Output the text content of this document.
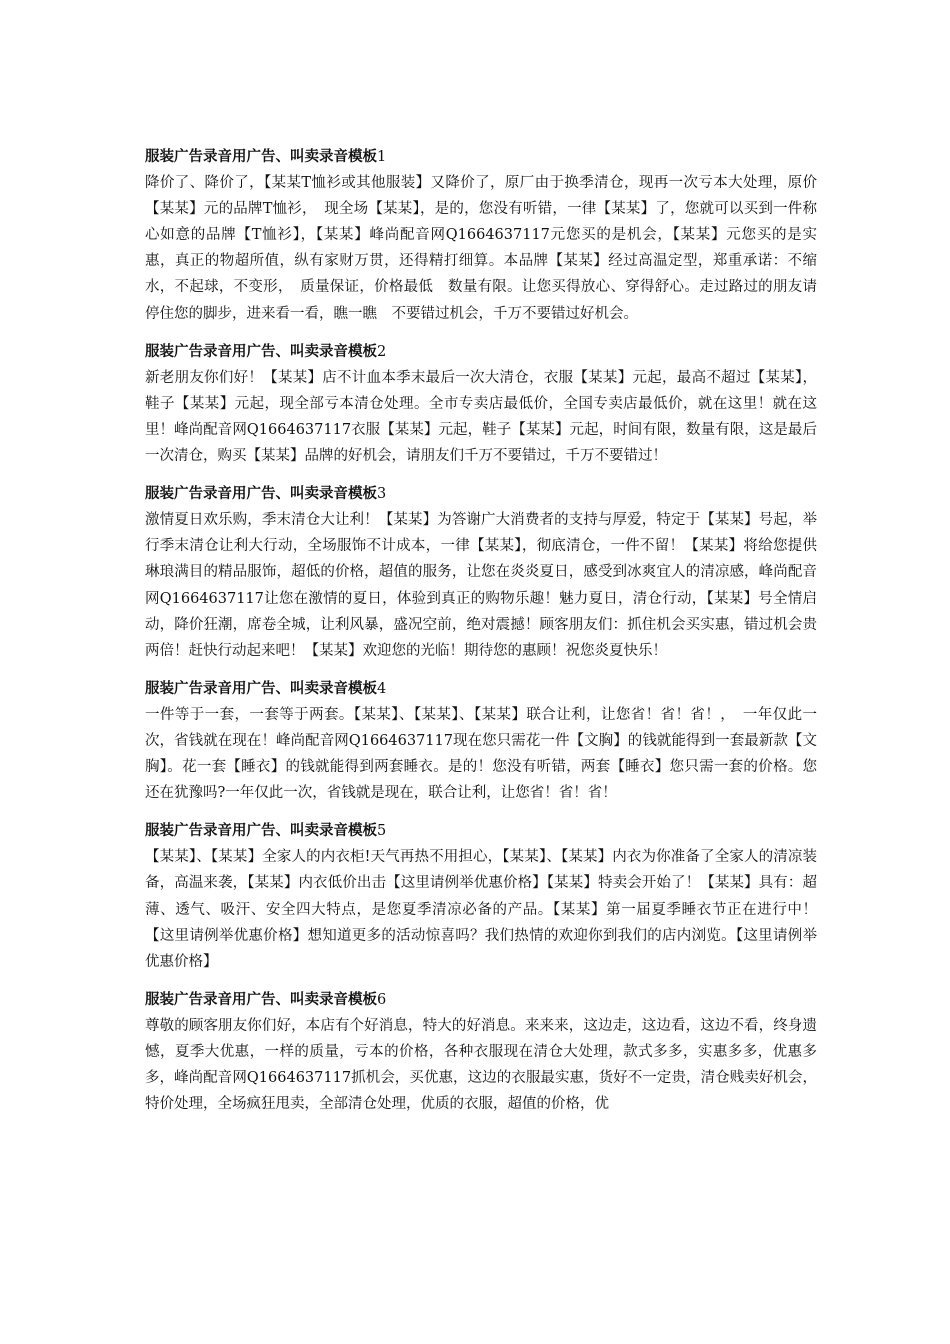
服装广告录音用广告、叫卖录音模板1

降价了、降价了，【某某T恤衫或其他服装】又降价了，原厂由于换季清仓，现再一次亏本大处理，原价【某某】元的品牌T恤衫，　现全场【某某】，是的，您没有听错，一律【某某】了，您就可以买到一件称心如意的品牌【T恤衫】，【某某】峰尚配音网Q1664637117元您买的是机会，【某某】元您买的是实惠，真正的物超所值，纵有家财万贯，还得精打细算。本品牌【某某】经过高温定型，郑重承诺：不缩水，不起球，不变形，　质量保证，价格最低　数量有限。让您买得放心、穿得舒心。走过路过的朋友请停住您的脚步，进来看一看，瞧一瞧　不要错过机会，千万不要错过好机会。

服装广告录音用广告、叫卖录音模板2

新老朋友你们好！【某某】店不计血本季末最后一次大清仓，衣服【某某】元起，最高不超过【某某】，鞋子【某某】元起，现全部亏本清仓处理。全市专卖店最低价，全国专卖店最低价，就在这里！就在这里！峰尚配音网Q1664637117衣服【某某】元起，鞋子【某某】元起，时间有限，数量有限，这是最后一次清仓，购买【某某】品牌的好机会，请朋友们千万不要错过，千万不要错过！

服装广告录音用广告、叫卖录音模板3

激情夏日欢乐购，季末清仓大让利！【某某】为答谢广大消费者的支持与厚爱，特定于【某某】号起，举行季末清仓让利大行动，全场服饰不计成本，一律【某某】，彻底清仓，一件不留！【某某】将给您提供琳琅满目的精品服饰，超低的价格，超值的服务，让您在炎炎夏日，感受到冰爽宜人的清凉感，峰尚配音网Q1664637117让您在激情的夏日，体验到真正的购物乐趣！魅力夏日，清仓行动，【某某】号全情启动，降价狂潮，席卷全城，让利风暴，盛况空前，绝对震撼！顾客朋友们：抓住机会买实惠，错过机会贵两倍！赶快行动起来吧！【某某】欢迎您的光临！期待您的惠顾！祝您炎夏快乐！

服装广告录音用广告、叫卖录音模板4

一件等于一套，一套等于两套。【某某】、【某某】、【某某】联合让利，让您省！省！省！，　一年仅此一次，省钱就在现在！峰尚配音网Q1664637117现在您只需花一件【文胸】的钱就能得到一套最新款【文胸】。花一套【睡衣】的钱就能得到两套睡衣。是的！您没有听错，两套【睡衣】您只需一套的价格。您还在犹豫吗?一年仅此一次，省钱就是现在，联合让利，让您省！省！省！

服装广告录音用广告、叫卖录音模板5

【某某】、【某某】全家人的内衣柜!天气再热不用担心，【某某】、【某某】内衣为你准备了全家人的清凉装备，高温来袭，【某某】内衣低价出击【这里请例举优惠价格】【某某】特卖会开始了！【某某】具有：超薄、透气、吸汗、安全四大特点，是您夏季清凉必备的产品。【某某】第一届夏季睡衣节正在进行中！【这里请例举优惠价格】想知道更多的活动惊喜吗？我们热情的欢迎你到我们的店内浏览。【这里请例举优惠价格】

服装广告录音用广告、叫卖录音模板6

尊敬的顾客朋友你们好，本店有个好消息，特大的好消息。来来来，这边走，这边看，这边不看，终身遗憾，夏季大优惠，一样的质量，亏本的价格，各种衣服现在清仓大处理，款式多多，实惠多多，优惠多多，峰尚配音网Q1664637117抓机会，买优惠，这边的衣服最实惠，货好不一定贵，清仓贱卖好机会，特价处理，全场疯狂甩卖，全部清仓处理，优质的衣服，超值的价格，优
